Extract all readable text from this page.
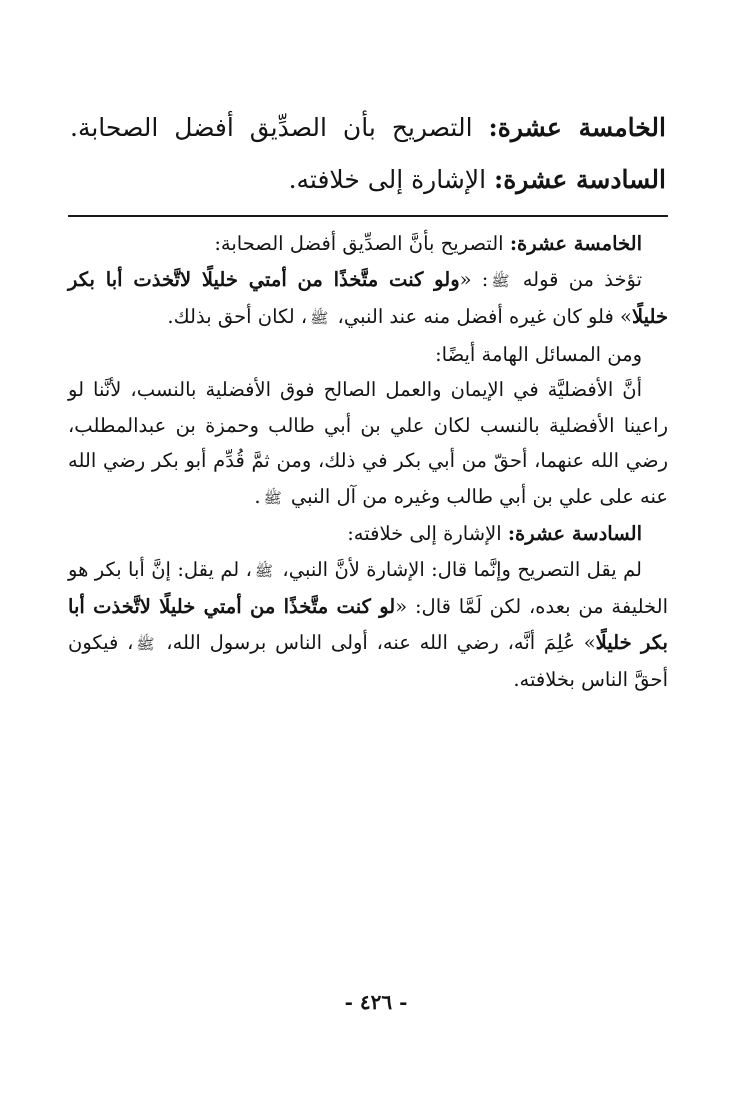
الخامسة عشرة: التصريح بأن الصدِّيق أفضل الصحابة. السادسة عشرة: الإشارة إلى خلافته.

الخامسة عشرة: التصريح بأنَّ الصدِّيق أفضل الصحابة:

تؤخذ من قوله ﷺ: «ولو كنت متَّخذًا من أمتي خليلًا لاتَّخذت أبا بكر خليلًا» فلو كان غيره أفضل منه عند النبي، ﷺ، لكان أحق بذلك.

ومن المسائل الهامة أيضًا:

أنَّ الأفضليَّة في الإيمان والعمل الصالح فوق الأفضلية بالنسب، لأنَّنا لو راعينا الأفضلية بالنسب لكان علي بن أبي طالب وحمزة بن عبدالمطلب، رضي الله عنهما، أحقّ من أبي بكر في ذلك، ومن ثمَّ قُدِّم أبو بكر رضي الله عنه على علي بن أبي طالب وغيره من آل النبي ﷺ.

السادسة عشرة: الإشارة إلى خلافته:

لم يقل التصريح وإنَّما قال: الإشارة لأنَّ النبي، ﷺ، لم يقل: إنَّ أبا بكر هو الخليفة من بعده، لكن لَمَّا قال: «لو كنت متَّخذًا من أمتي خليلًا لاتَّخذت أبا بكر خليلًا» عُلِمَ أنَّه، رضي الله عنه، أولى الناس برسول الله، ﷺ، فيكون أحقَّ الناس بخلافته.

- ٤٢٦ -
